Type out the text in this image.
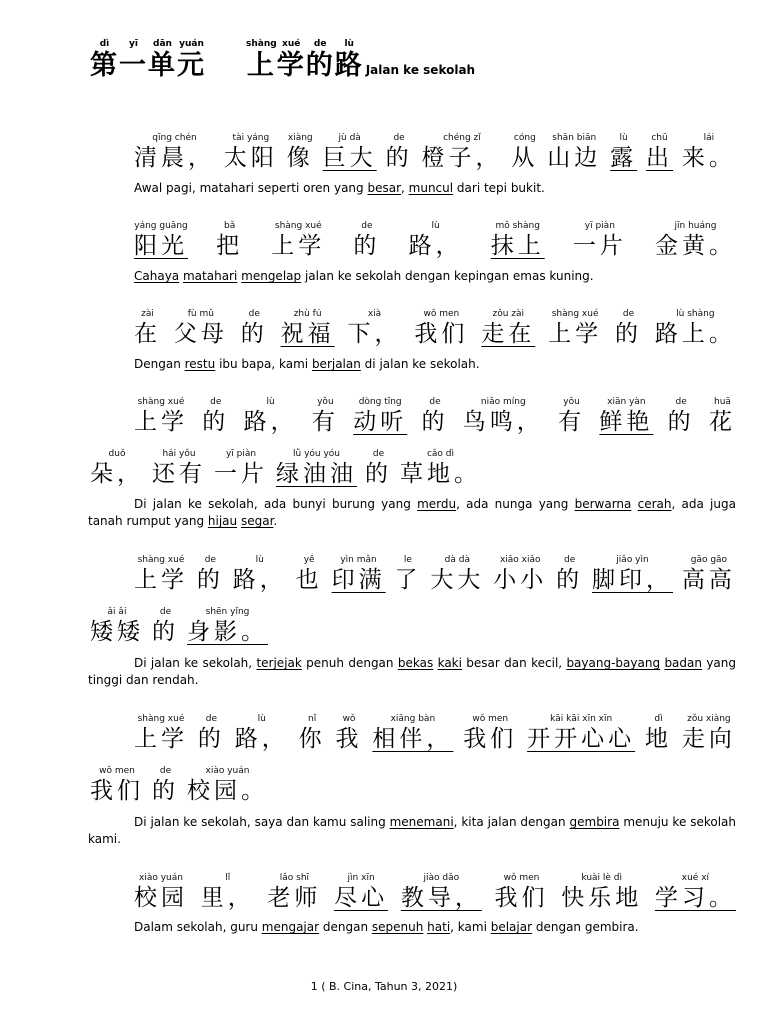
dì
第
yī
一
dān
单
yuán
元
shàng
上
xué
学
de
的
lù
路 Jalan ke sekolah
qīng chén
清晨，
tài yáng
太阳
xiàng
像
jù dà
巨大
de
的
chéng zǐ
橙子，
cóng
从
shān biān
山边
lù
露
chū
出
lái
来。
yáng guāng
阳光
bǎ
把
shàng xué
上学
de
的
lù
路，
mǒ shàng
抹上
yī piàn
一片
jīn huáng
金黄。
zài
在
fù mǔ
父母
de
的
zhù fú
祝福
xià
下，
wǒ men
我们
zǒu zài
走在
shàng xué
上学
de
的
lù shàng
路上。
shàng xué
上学
de
的
lù
路，
yǒu
有
dòng tīng
动听
de
的
niǎo míng
鸟鸣，
yǒu
有
xiān yàn
鲜艳
de
的
huā
花
duǒ
朵，
hái yǒu
还有
yī piàn
一片
lǜ yóu yóu
绿油油
de
的
cǎo dì
草地。
shàng xué
上学
de
的
lù
路，
yě
也
yìn mǎn
印满
le
了
dà dà
大大
xiǎo xiǎo
小小
de
的
jiǎo yìn
脚印，
gāo gāo
高高
ǎi ǎi
矮矮
de
的
shēn yǐng
身影。
shàng xué
上学
de
的
lù
路，
nǐ
你
wǒ
我
xiāng bàn
相伴，
wǒ men
我们
kāi kāi xīn xīn
开开心心
dì
地
zǒu xiàng
走向
wǒ men
我们
de
的
xiào yuán
校园。
xiào yuán
校园
lǐ
里，
lǎo shī
老师
jìn xīn
尽心
jiào dǎo
教导，
wǒ men
我们
kuài lè dì
快乐地
xué xí
学习。
Awal pagi, matahari seperti oren yang besar, muncul dari tepi bukit.
Cahaya matahari mengelap jalan ke sekolah dengan kepingan emas kuning.
Dengan restu ibu bapa, kami berjalan di jalan ke sekolah.
Di jalan ke sekolah, ada bunyi burung yang merdu, ada nunga yang berwarna cerah, ada juga tanah rumput yang hijau segar.
Di jalan ke sekolah, terjejak penuh dengan bekas kaki besar dan kecil, bayang-bayang badan yang tinggi dan rendah.
Di jalan ke sekolah, saya dan kamu saling menemani, kita jalan dengan gembira menuju ke sekolah kami.
Dalam sekolah, guru mengajar dengan sepenuh hati, kami belajar dengan gembira.
1 ( B. Cina, Tahun 3, 2021)
